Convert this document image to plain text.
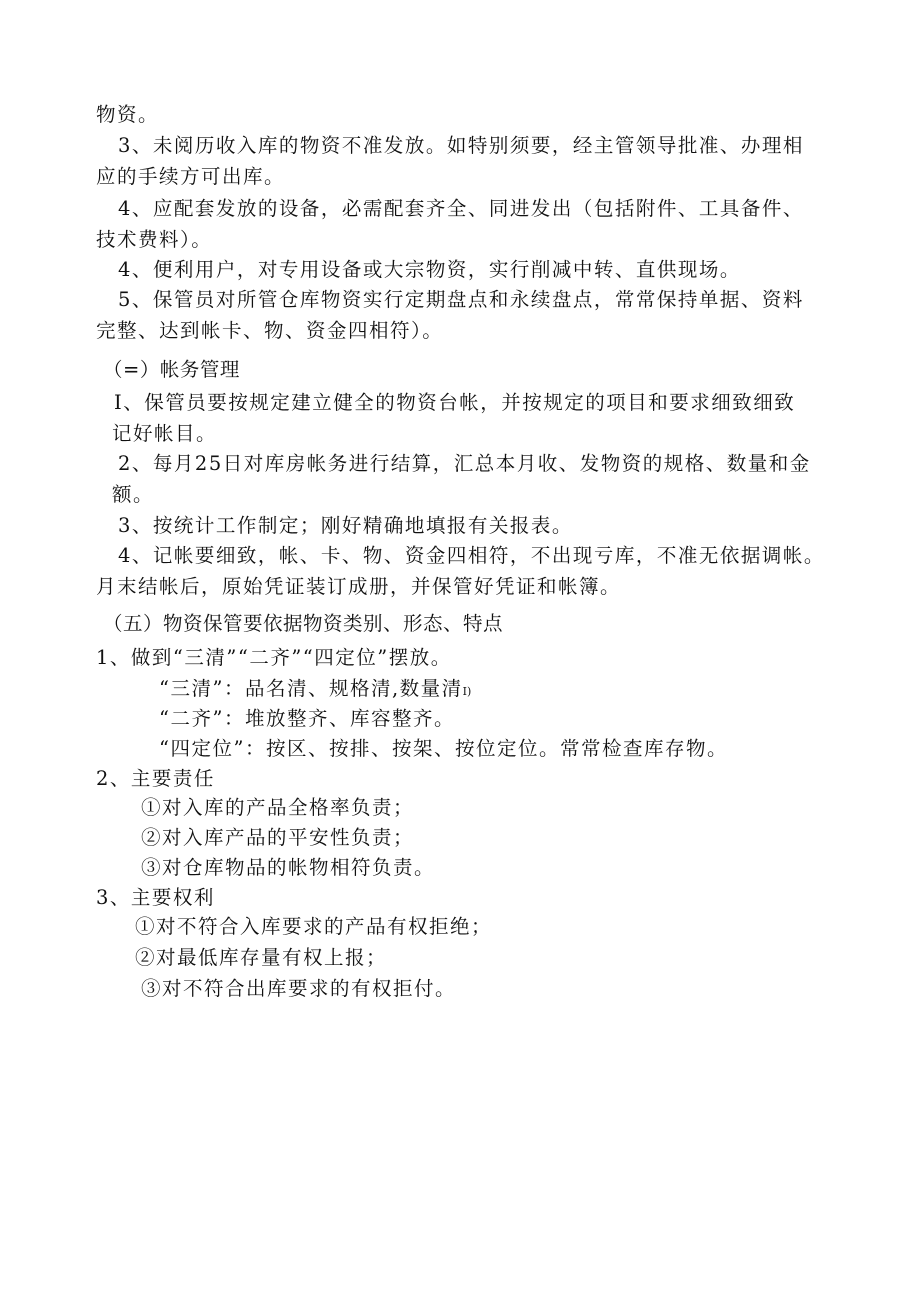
物资。
3、未阅历收入库的物资不准发放。如特别须要，经主管领导批准、办理相
应的手续方可出库。
4、应配套发放的设备，必需配套齐全、同进发出（包括附件、工具备件、
技术费料）。
4、便利用户，对专用设备或大宗物资，实行削减中转、直供现场。
5、保管员对所管仓库物资实行定期盘点和永续盘点，常常保持单据、资料
完整、达到帐卡、物、资金四相符）。
（=）帐务管理
I、保管员要按规定建立健全的物资台帐，并按规定的项目和要求细致细致
记好帐目。
2、每月25日对库房帐务进行结算，汇总本月收、发物资的规格、数量和金
额。
3、按统计工作制定；刚好精确地填报有关报表。
4、记帐要细致，帐、卡、物、资金四相符，不出现亏库，不准无依据调帐。
月末结帐后，原始凭证装订成册，并保管好凭证和帐簿。
（五）物资保管要依据物资类别、形态、特点
1、做到“三清”“二齐”“四定位”摆放。
“三清”：品名清、规格清,数量清I)
“二齐”：堆放整齐、库容整齐。
“四定位”：按区、按排、按架、按位定位。常常检查库存物。
2、主要责任
①对入库的产品全格率负责；
②对入库产品的平安性负责；
③对仓库物品的帐物相符负责。
3、主要权利
①对不符合入库要求的产品有权拒绝；
②对最低库存量有权上报；
③对不符合出库要求的有权拒付。
